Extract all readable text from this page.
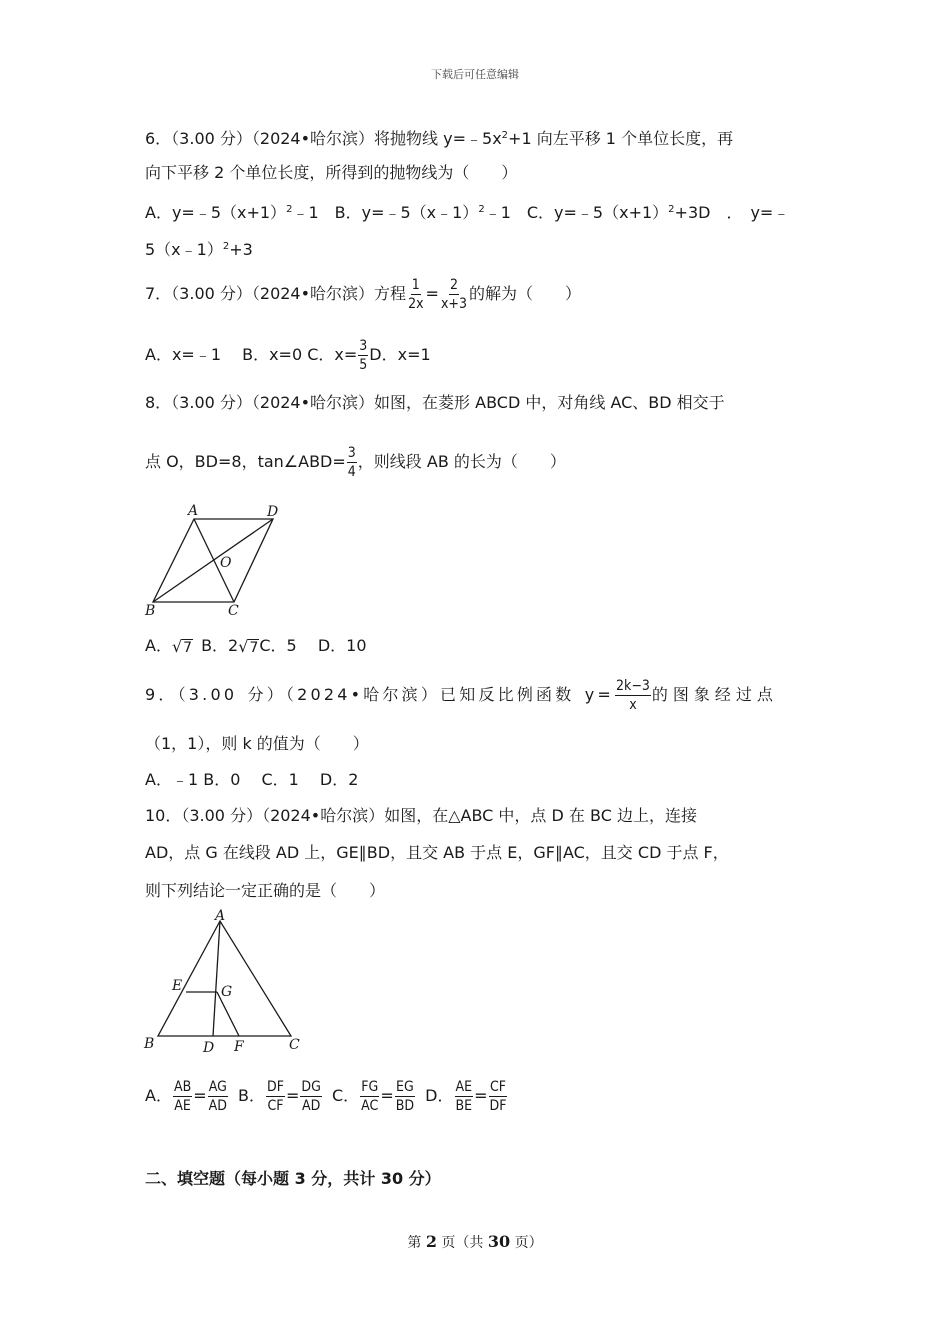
下载后可任意编辑
6．（3.00 分）（2024•哈尔滨）将抛物线 $y=﹣5x^2+1$ 向左平移 1 个单位长度，再
向下平移 2 个单位长度，所得到的抛物线为（　　）
A．$y=﹣5(x+1)^2﹣1$　B．y=﹣5（x﹣1）$^2$﹣1　C．$y=﹣5(x+1)^2+3D$　．　y=﹣
5（x﹣1）$^2$+3
7．（3.00 分）（2024•哈尔滨）方程 $\frac{1}{2x} = \frac{2}{x+3}$ 的解为（　　）
A．x=﹣1　 B．x=0 C．$x= \frac{3}{5}$ D．x=1
8．（3.00 分）（2024•哈尔滨）如图，在菱形 ABCD 中，对角线 AC、BD 相交于
点 O，BD=8，tan∠ABD= $\frac{3}{4}$ ，则线段 AB 的长为（　　）
A	D
O
B	C
A． √ 7 B．2 √ 7 C．5　 D．10
9．（3.00 分）（2024•哈尔滨）已知反比例函数 $y= \frac{2k-3}{x}$ 的图象经过点
（1，1），则 k 的值为（　　）
A．﹣1 B．0　 C．1　 D．2
10．（3.00 分）（2024•哈尔滨）如图，在△ABC 中，点 D 在 BC 边上，连接
AD，点 G 在线段 AD 上，GE∥BD，且交 AB 于点 E，GF∥AC，且交 CD 于点 F，
则下列结论一定正确的是（　　）
A
E	G
B	D F	C
A． $\frac{AB}{AE} = \frac{AG}{AD}$ B． $\frac{DF}{CF} = \frac{DG}{AD}$ C． $\frac{FG}{AC} = \frac{EG}{BD}$ D． $\frac{AE}{BE} = \frac{CF}{DF}$
二、填空题（每小题 3 分，共计 30 分）
第 2 页（共 30 页）
